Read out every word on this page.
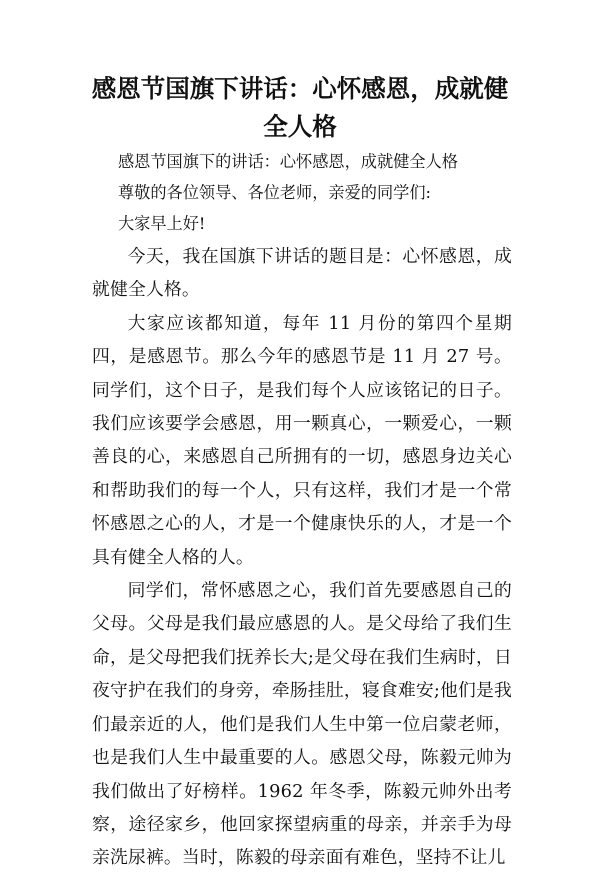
感恩节国旗下讲话：心怀感恩，成就健全人格

感恩节国旗下的讲话：心怀感恩，成就健全人格

尊敬的各位领导、各位老师，亲爱的同学们:

大家早上好!

今天，我在国旗下讲话的题目是：心怀感恩，成就健全人格。

大家应该都知道，每年 11 月份的第四个星期四，是感恩节。那么今年的感恩节是 11 月 27 号。同学们，这个日子，是我们每个人应该铭记的日子。我们应该要学会感恩，用一颗真心，一颗爱心，一颗善良的心，来感恩自己所拥有的一切，感恩身边关心和帮助我们的每一个人，只有这样，我们才是一个常怀感恩之心的人，才是一个健康快乐的人，才是一个具有健全人格的人。

同学们，常怀感恩之心，我们首先要感恩自己的父母。父母是我们最应感恩的人。是父母给了我们生命，是父母把我们抚养长大;是父母在我们生病时，日夜守护在我们的身旁，牵肠挂肚，寝食难安;他们是我们最亲近的人，他们是我们人生中第一位启蒙老师，也是我们人生中最重要的人。感恩父母，陈毅元帅为我们做出了好榜样。1962 年冬季，陈毅元帅外出考察，途径家乡，他回家探望病重的母亲，并亲手为母亲洗尿裤。当时，陈毅的母亲面有难色，坚持不让儿
